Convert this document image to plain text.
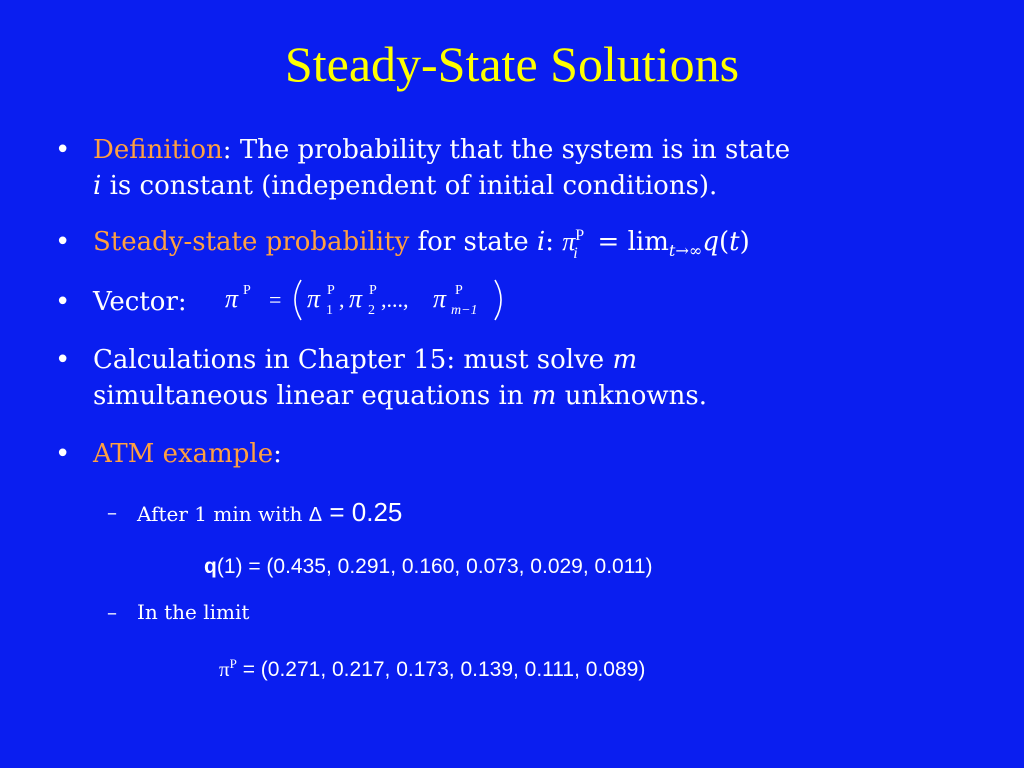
Steady-State Solutions
• Definition: The probability that the system is in state
i is constant (independent of initial conditions).
• Steady-state probability for state i: π P
$i = \lim_{t\to\infty}q(t)$
• Vector:	π P = π P
1 , π P
2 ,..., π P
m−1
• Calculations in Chapter 15: must solve m
simultaneous linear equations in m unknowns.
• ATM example:
– After 1 min with Δ = 0.25
q(1) = (0.435, 0.291, 0.160, 0.073, 0.029, 0.011)
– In the limit
$\pi^P = (0.271$, 0.217, 0.173, 0.139, 0.111, 0.089)
